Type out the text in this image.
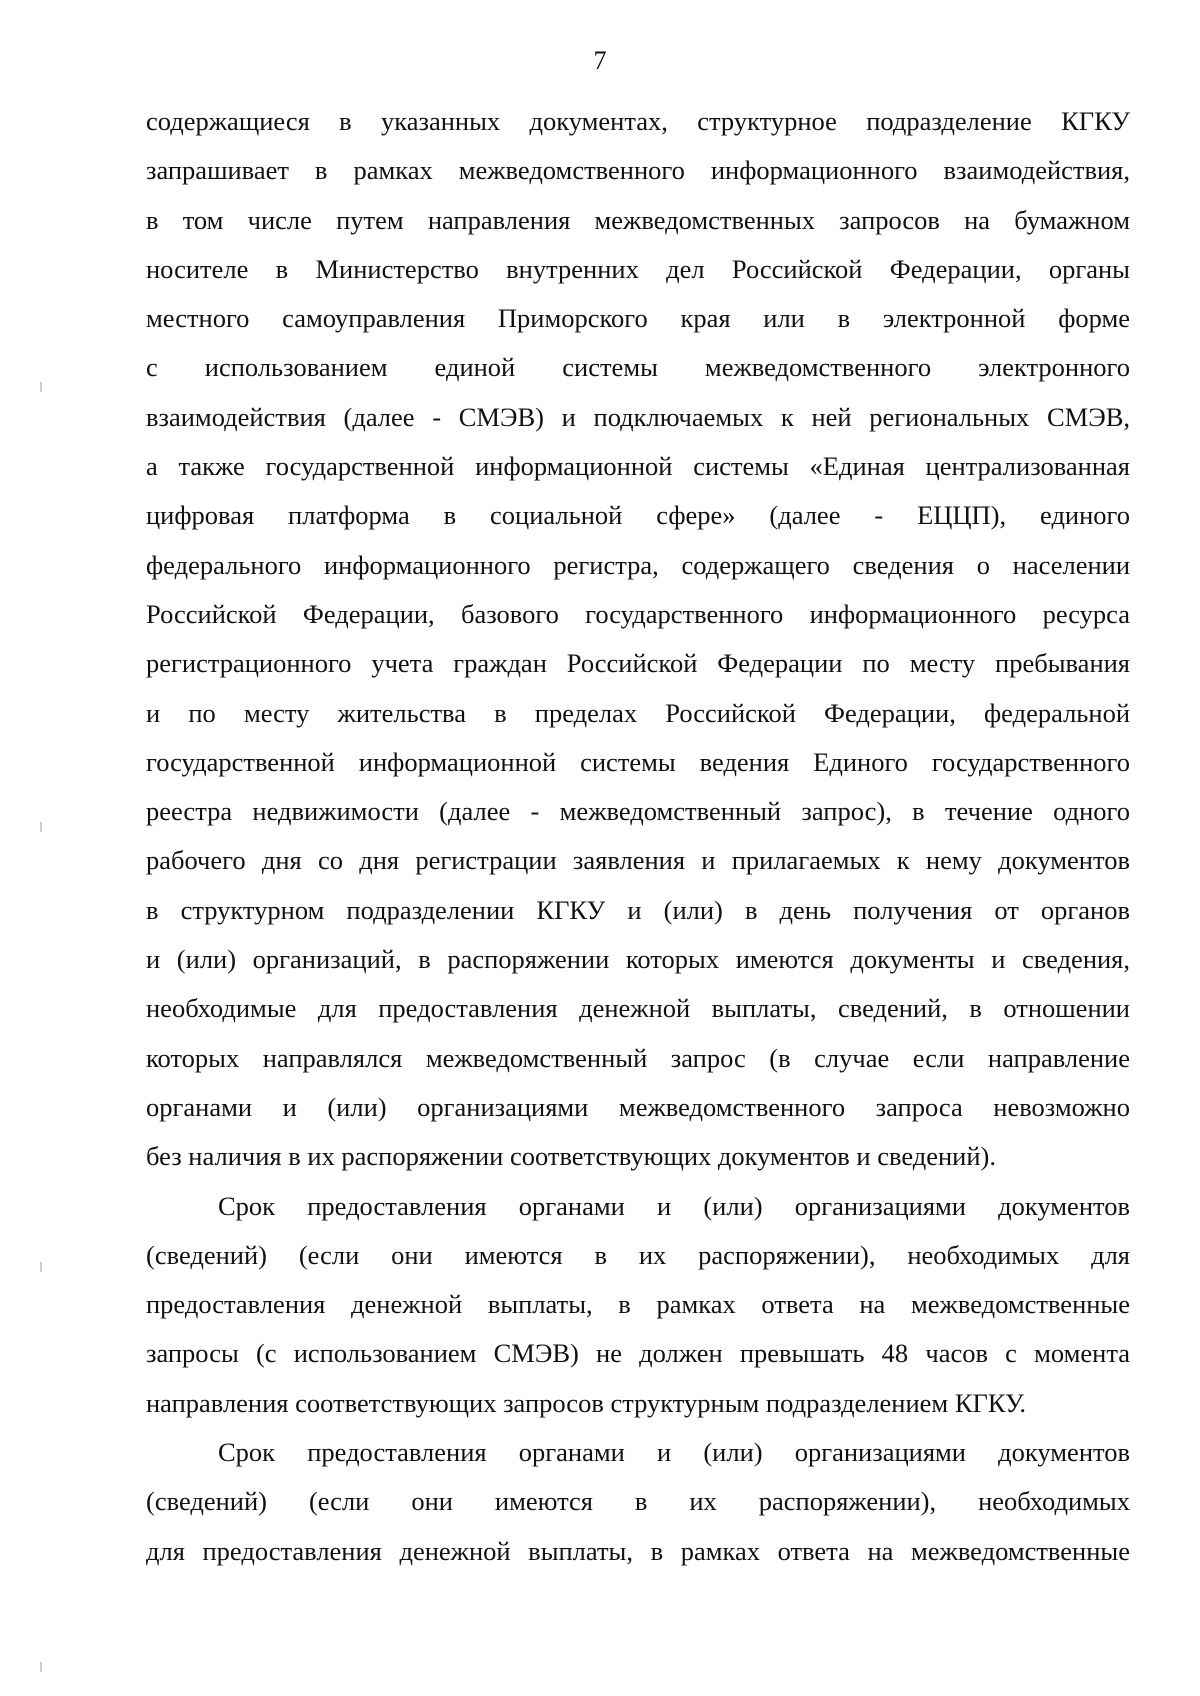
7
содержащиеся в указанных документах, структурное подразделение КГКУ
запрашивает в рамках межведомственного информационного взаимодействия,
в том числе путем направления межведомственных запросов на бумажном
носителе в Министерство внутренних дел Российской Федерации, органы
местного самоуправления Приморского края или в электронной форме
с использованием единой системы межведомственного электронного
взаимодействия (далее - СМЭВ) и подключаемых к ней региональных СМЭВ,
а также государственной информационной системы «Единая централизованная
цифровая платформа в социальной сфере» (далее - ЕЦЦП), единого
федерального информационного регистра, содержащего сведения о населении
Российской Федерации, базового государственного информационного ресурса
регистрационного учета граждан Российской Федерации по месту пребывания
и по месту жительства в пределах Российской Федерации, федеральной
государственной информационной системы ведения Единого государственного
реестра недвижимости (далее - межведомственный запрос), в течение одного
рабочего дня со дня регистрации заявления и прилагаемых к нему документов
в структурном подразделении КГКУ и (или) в день получения от органов
и (или) организаций, в распоряжении которых имеются документы и сведения,
необходимые для предоставления денежной выплаты, сведений, в отношении
которых направлялся межведомственный запрос (в случае если направление
органами и (или) организациями межведомственного запроса невозможно
без наличия в их распоряжении соответствующих документов и сведений).
Срок предоставления органами и (или) организациями документов
(сведений) (если они имеются в их распоряжении), необходимых для
предоставления денежной выплаты, в рамках ответа на межведомственные
запросы (с использованием СМЭВ) не должен превышать 48 часов с момента
направления соответствующих запросов структурным подразделением КГКУ.
Срок предоставления органами и (или) организациями документов
(сведений) (если они имеются в их распоряжении), необходимых
для предоставления денежной выплаты, в рамках ответа на межведомственные
